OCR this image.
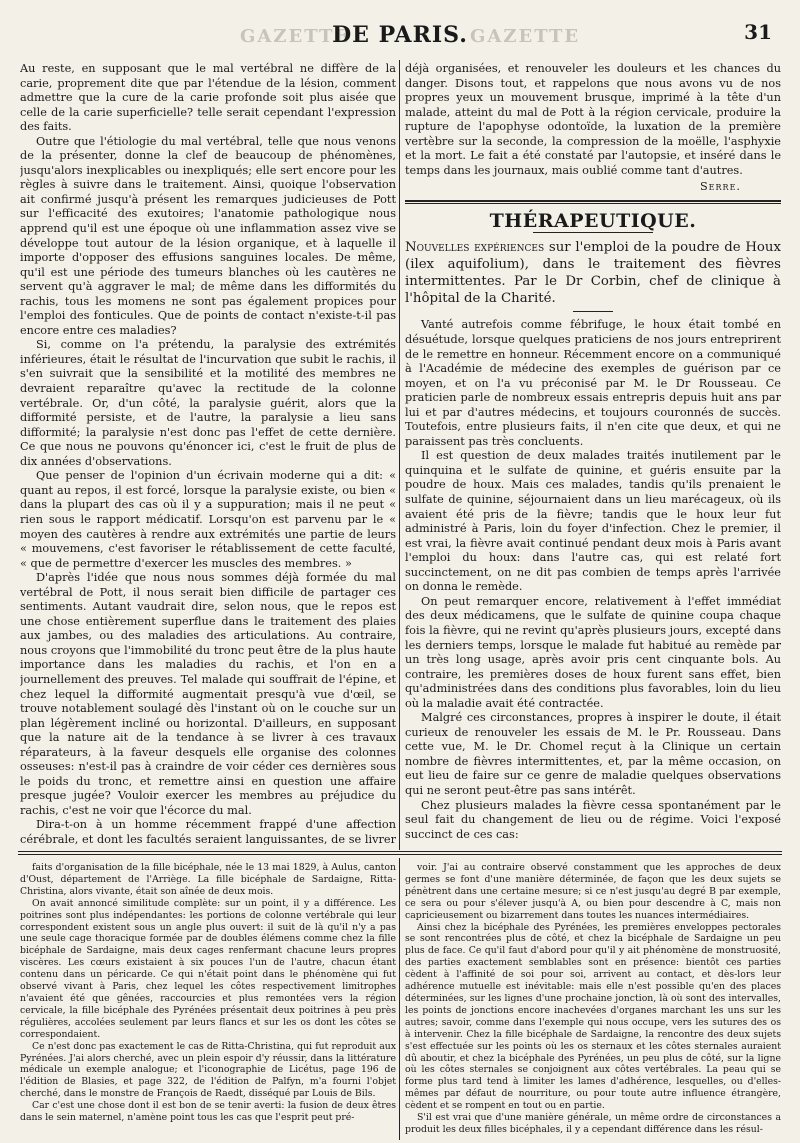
GAZETTE
DE PARIS. GAZETTE	31

Au reste, en supposant que le mal vertébral ne diffère de la carie, proprement dite que par l'étendue de la lésion, comment admettre que la cure de la carie profonde soit plus aisée que celle de la carie superficielle? telle serait cependant l'expression des faits.

Outre que l'étiologie du mal vertébral, telle que nous venons de la présenter, donne la clef de beaucoup de phénomènes, jusqu'alors inexplicables ou inexpliqués; elle sert encore pour les règles à suivre dans le traitement. Ainsi, quoique l'observation ait confirmé jusqu'à présent les remarques judicieuses de Pott sur l'efficacité des exutoires; l'anatomie pathologique nous apprend qu'il est une époque où une inflammation assez vive se développe tout autour de la lésion organique, et à laquelle il importe d'opposer des effusions sanguines locales. De même, qu'il est une période des tumeurs blanches où les cautères ne servent qu'à aggraver le mal; de même dans les difformités du rachis, tous les momens ne sont pas également propices pour l'emploi des fonticules. Que de points de contact n'existe-t-il pas encore entre ces maladies?

Si, comme on l'a prétendu, la paralysie des extrémités inférieures, était le résultat de l'incurvation que subit le rachis, il s'en suivrait que la sensibilité et la motilité des membres ne devraient reparaître qu'avec la rectitude de la colonne vertébrale. Or, d'un côté, la paralysie guérit, alors que la difformité persiste, et de l'autre, la paralysie a lieu sans difformité; la paralysie n'est donc pas l'effet de cette dernière. Ce que nous ne pouvons qu'énoncer ici, c'est le fruit de plus de dix années d'observations.

Que penser de l'opinion d'un écrivain moderne qui a dit: « quant au repos, il est forcé, lorsque la paralysie existe, ou bien « dans la plupart des cas où il y a suppuration; mais il ne peut « rien sous le rapport médicatif. Lorsqu'on est parvenu par le « moyen des cautères à rendre aux extrémités une partie de leurs « mouvemens, c'est favoriser le rétablissement de cette faculté, « que de permettre d'exercer les muscles des membres. »

D'après l'idée que nous nous sommes déjà formée du mal vertébral de Pott, il nous serait bien difficile de partager ces sentiments. Autant vaudrait dire, selon nous, que le repos est une chose entièrement superflue dans le traitement des plaies aux jambes, ou des maladies des articulations. Au contraire, nous croyons que l'immobilité du tronc peut être de la plus haute importance dans les maladies du rachis, et l'on en a journellement des preuves. Tel malade qui souffrait de l'épine, et chez lequel la difformité augmentait presqu'à vue d'œil, se trouve notablement soulagé dès l'instant où on le couche sur un plan légèrement incliné ou horizontal. D'ailleurs, en supposant que la nature ait de la tendance à se livrer à ces travaux réparateurs, à la faveur desquels elle organise des colonnes osseuses: n'est-il pas à craindre de voir céder ces dernières sous le poids du tronc, et remettre ainsi en question une affaire presque jugée? Vouloir exercer les membres au préjudice du rachis, c'est ne voir que l'écorce du mal.

Dira-t-on à un homme récemment frappé d'une affection cérébrale, et dont les facultés seraient languissantes, de se livrer

déjà organisées, et renouveler les douleurs et les chances du danger. Disons tout, et rappelons que nous avons vu de nos propres yeux un mouvement brusque, imprimé à la tête d'un malade, atteint du mal de Pott à la région cervicale, produire la rupture de l'apophyse odontoïde, la luxation de la première vertèbre sur la seconde, la compression de la moëlle, l'asphyxie et la mort. Le fait a été constaté par l'autopsie, et inséré dans le temps dans les journaux, mais oublié comme tant d'autres.

Serre.
THÉRAPEUTIQUE.

Nouvelles expériences sur l'emploi de la poudre de Houx (ilex aquifolium), dans le traitement des fièvres intermittentes. Par le Dr Corbin, chef de clinique à l'hôpital de la Charité.

Vanté autrefois comme fébrifuge, le houx était tombé en désuétude, lorsque quelques praticiens de nos jours entreprirent de le remettre en honneur. Récemment encore on a communiqué à l'Académie de médecine des exemples de guérison par ce moyen, et on l'a vu préconisé par M. le Dr Rousseau. Ce praticien parle de nombreux essais entrepris depuis huit ans par lui et par d'autres médecins, et toujours couronnés de succès. Toutefois, entre plusieurs faits, il n'en cite que deux, et qui ne paraissent pas très concluents.

Il est question de deux malades traités inutilement par le quinquina et le sulfate de quinine, et guéris ensuite par la poudre de houx. Mais ces malades, tandis qu'ils prenaient le sulfate de quinine, séjournaient dans un lieu marécageux, où ils avaient été pris de la fièvre; tandis que le houx leur fut administré à Paris, loin du foyer d'infection. Chez le premier, il est vrai, la fièvre avait continué pendant deux mois à Paris avant l'emploi du houx: dans l'autre cas, qui est relaté fort succinctement, on ne dit pas combien de temps après l'arrivée on donna le remède.

On peut remarquer encore, relativement à l'effet immédiat des deux médicamens, que le sulfate de quinine coupa chaque fois la fièvre, qui ne revint qu'après plusieurs jours, excepté dans les derniers temps, lorsque le malade fut habitué au remède par un très long usage, après avoir pris cent cinquante bols. Au contraire, les premières doses de houx furent sans effet, bien qu'administrées dans des conditions plus favorables, loin du lieu où la maladie avait été contractée.

Malgré ces circonstances, propres à inspirer le doute, il était curieux de renouveler les essais de M. le Pr. Rousseau. Dans cette vue, M. le Dr. Chomel reçut à la Clinique un certain nombre de fièvres intermittentes, et, par la même occasion, on eut lieu de faire sur ce genre de maladie quelques observations qui ne seront peut-être pas sans intérêt.

Chez plusieurs malades la fièvre cessa spontanément par le seul fait du changement de lieu ou de régime. Voici l'exposé succinct de ces cas:

faits d'organisation de la fille bicéphale, née le 13 mai 1829, à Aulus, canton d'Oust, département de l'Arriège. La fille bicéphale de Sardaigne, Ritta-Christina, alors vivante, était son aînée de deux mois.

On avait annoncé similitude complète: sur un point, il y a différence. Les poitrines sont plus indépendantes: les portions de colonne vertébrale qui leur correspondent existent sous un angle plus ouvert: il suit de là qu'il n'y a pas une seule cage thoracique formée par de doubles élémens comme chez la fille bicéphale de Sardaigne, mais deux cages renfermant chacune leurs propres viscères. Les cœurs existaient à six pouces l'un de l'autre, chacun étant contenu dans un péricarde. Ce qui n'était point dans le phénomène qui fut observé vivant à Paris, chez lequel les côtes respectivement limitrophes n'avaient été que gênées, raccourcies et plus remontées vers la région cervicale, la fille bicéphale des Pyrénées présentait deux poitrines à peu près régulières, accolées seulement par leurs flancs et sur les os dont les côtes se correspondaient.

Ce n'est donc pas exactement le cas de Ritta-Christina, qui fut reproduit aux Pyrénées. J'ai alors cherché, avec un plein espoir d'y réussir, dans la littérature médicale un exemple analogue; et l'iconographie de Licétus, page 196 de l'édition de Blasies, et page 322, de l'édition de Palfyn, m'a fourni l'objet cherché, dans le monstre de François de Raedt, disséqué par Louis de Bils.

Car c'est une chose dont il est bon de se tenir averti: la fusion de deux êtres dans le sein maternel, n'amène point tous les cas que l'esprit peut pré-

voir. J'ai au contraire observé constamment que les approches de deux germes se font d'une manière déterminée, de façon que les deux sujets se pénètrent dans une certaine mesure; si ce n'est jusqu'au degré B par exemple, ce sera ou pour s'élever jusqu'à A, ou bien pour descendre à C, mais non capricieusement ou bizarrement dans toutes les nuances intermédiaires.

Ainsi chez la bicéphale des Pyrénées, les premières enveloppes pectorales se sont rencontrées plus de côté, et chez la bicéphale de Sardaigne un peu plus de face. Ce qu'il faut d'abord pour qu'il y ait phénomène de monstruosité, des parties exactement semblables sont en présence: bientôt ces parties cèdent à l'affinité de soi pour soi, arrivent au contact, et dès-lors leur adhérence mutuelle est inévitable: mais elle n'est possible qu'en des places déterminées, sur les lignes d'une prochaine jonction, là où sont des intervalles, les points de jonctions encore inachevées d'organes marchant les uns sur les autres; savoir, comme dans l'exemple qui nous occupe, vers les sutures des os à intervenir. Chez la fille bicéphale de Sardaigne, la rencontre des deux sujets s'est effectuée sur les points où les os sternaux et les côtes sternales auraient dû aboutir, et chez la bicéphale des Pyrénées, un peu plus de côté, sur la ligne où les côtes sternales se conjoignent aux côtes vertébrales. La peau qui se forme plus tard tend à limiter les lames d'adhérence, lesquelles, ou d'elles-mêmes par défaut de nourriture, ou pour toute autre influence étrangère, cèdent et se rompent en tout ou en partie.

S'il est vrai que d'une manière générale, un même ordre de circonstances a produit les deux filles bicéphales, il y a cependant différence dans les résul-
